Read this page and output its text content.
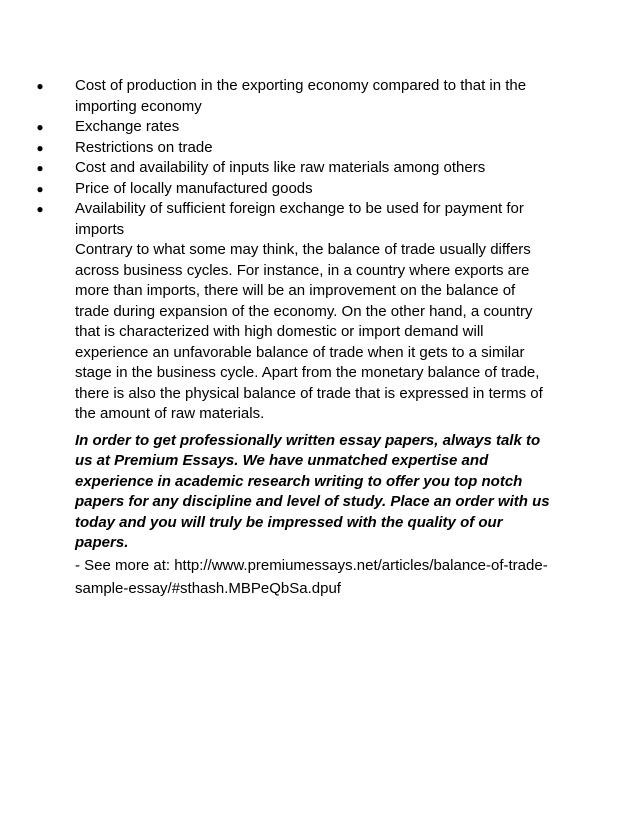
● Cost of production in the exporting economy compared to that in the importing economy
● Exchange rates
● Restrictions on trade
● Cost and availability of inputs like raw materials among others
● Price of locally manufactured goods
● Availability of sufficient foreign exchange to be used for payment for imports

Contrary to what some may think, the balance of trade usually differs across business cycles. For instance, in a country where exports are more than imports, there will be an improvement on the balance of trade during expansion of the economy. On the other hand, a country that is characterized with high domestic or import demand will experience an unfavorable balance of trade when it gets to a similar stage in the business cycle. Apart from the monetary balance of trade, there is also the physical balance of trade that is expressed in terms of the amount of raw materials.

In order to get professionally written essay papers, always talk to us at Premium Essays. We have unmatched expertise and experience in academic research writing to offer you top notch papers for any discipline and level of study. Place an order with us today and you will truly be impressed with the quality of our papers.

- See more at: http://www.premiumessays.net/articles/balance-of-trade-sample-essay/#sthash.MBPeQbSa.dpuf
